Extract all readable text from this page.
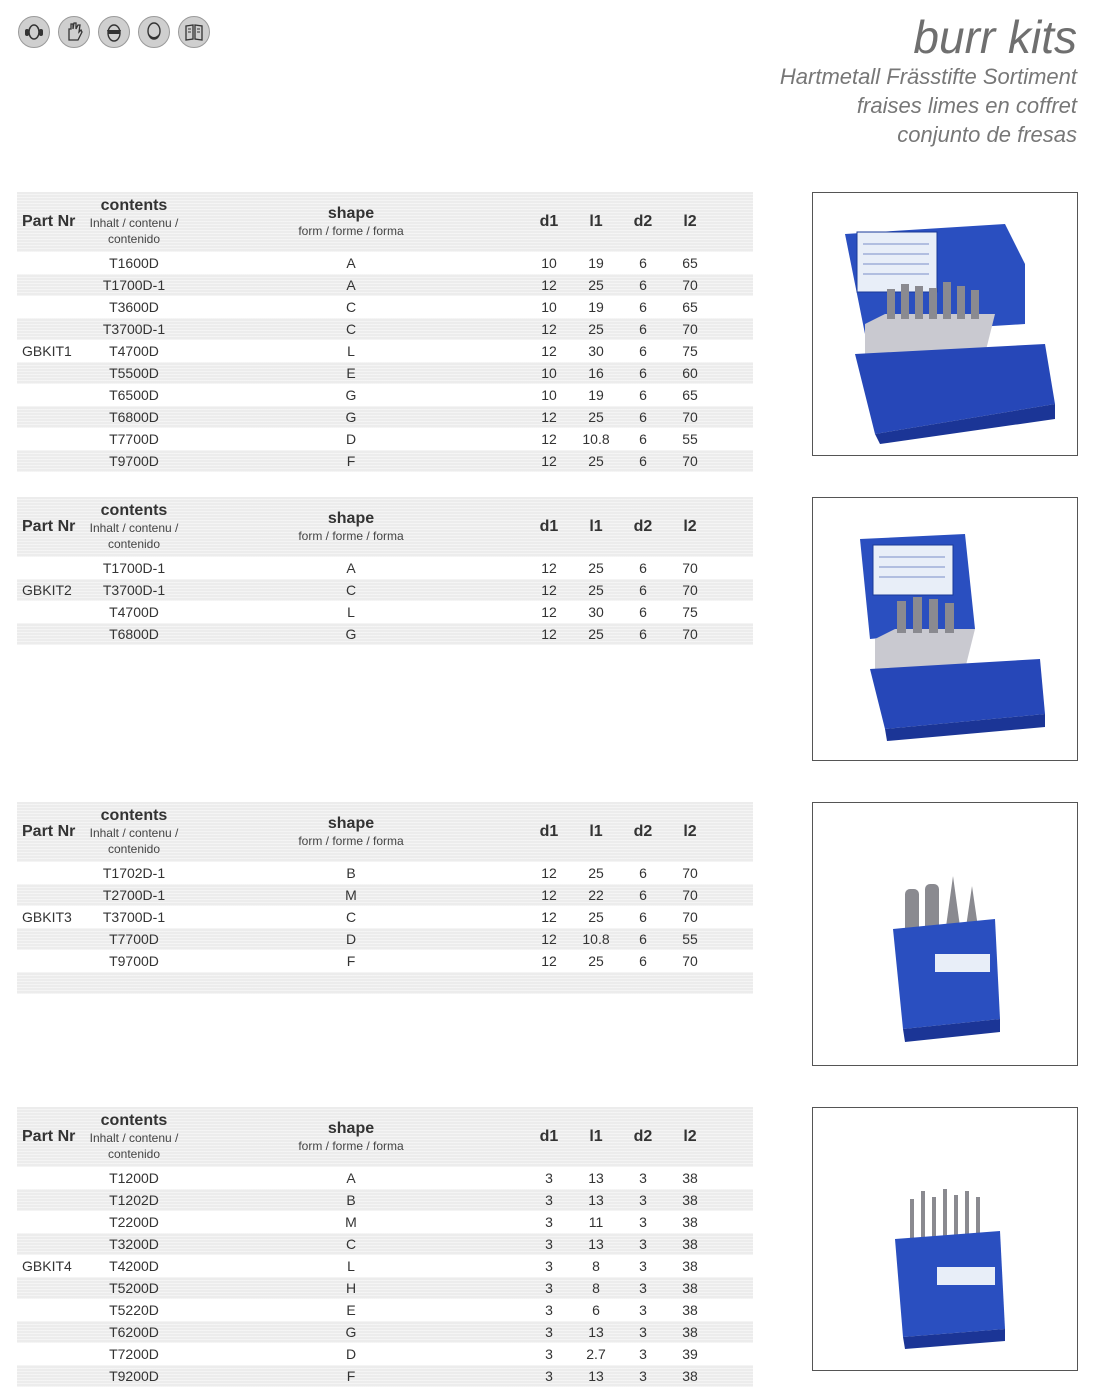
burr kits
Hartmetall Frässtifte Sortiment
fraises limes en coffret
conjunto de fresas
Part Nr
contents
Inhalt / contenu /
contenido
shape
form / forme / forma
d1	l1	d2	l2
T1600D	A	10	19	6	65
T1700D-1	A	12	25	6	70
T3600D	C	10	19	6	65
T3700D-1	C	12	25	6	70
GBKIT1	T4700D	L	12	30	6	75
T5500D	E	10	16	6	60
T6500D	G	10	19	6	65
T6800D	G	12	25	6	70
T7700D	D	12	10.8	6	55
T9700D	F	12	25	6	70
Part Nr
contents
Inhalt / contenu /
contenido
shape
form / forme / forma
d1	l1	d2	l2
T1700D-1	A	12	25	6	70
GBKIT2	T3700D-1	C	12	25	6	70
T4700D	L	12	30	6	75
T6800D	G	12	25	6	70
Part Nr
contents
Inhalt / contenu /
contenido
shape
form / forme / forma
d1	l1	d2	l2
T1702D-1	B	12	25	6	70
T2700D-1	M	12	22	6	70
GBKIT3	T3700D-1	C	12	25	6	70
T7700D	D	12	10.8	6	55
T9700D	F	12	25	6	70
Part Nr
contents
Inhalt / contenu /
contenido
shape
form / forme / forma
d1	l1	d2	l2
T1200D	A	3	13	3	38
T1202D	B	3	13	3	38
T2200D	M	3	11	3	38
T3200D	C	3	13	3	38
GBKIT4	T4200D	L	3	8	3	38
T5200D	H	3	8	3	38
T5220D	E	3	6	3	38
T6200D	G	3	13	3	38
T7200D	D	3	2.7	3	39
T9200D	F	3	13	3	38
